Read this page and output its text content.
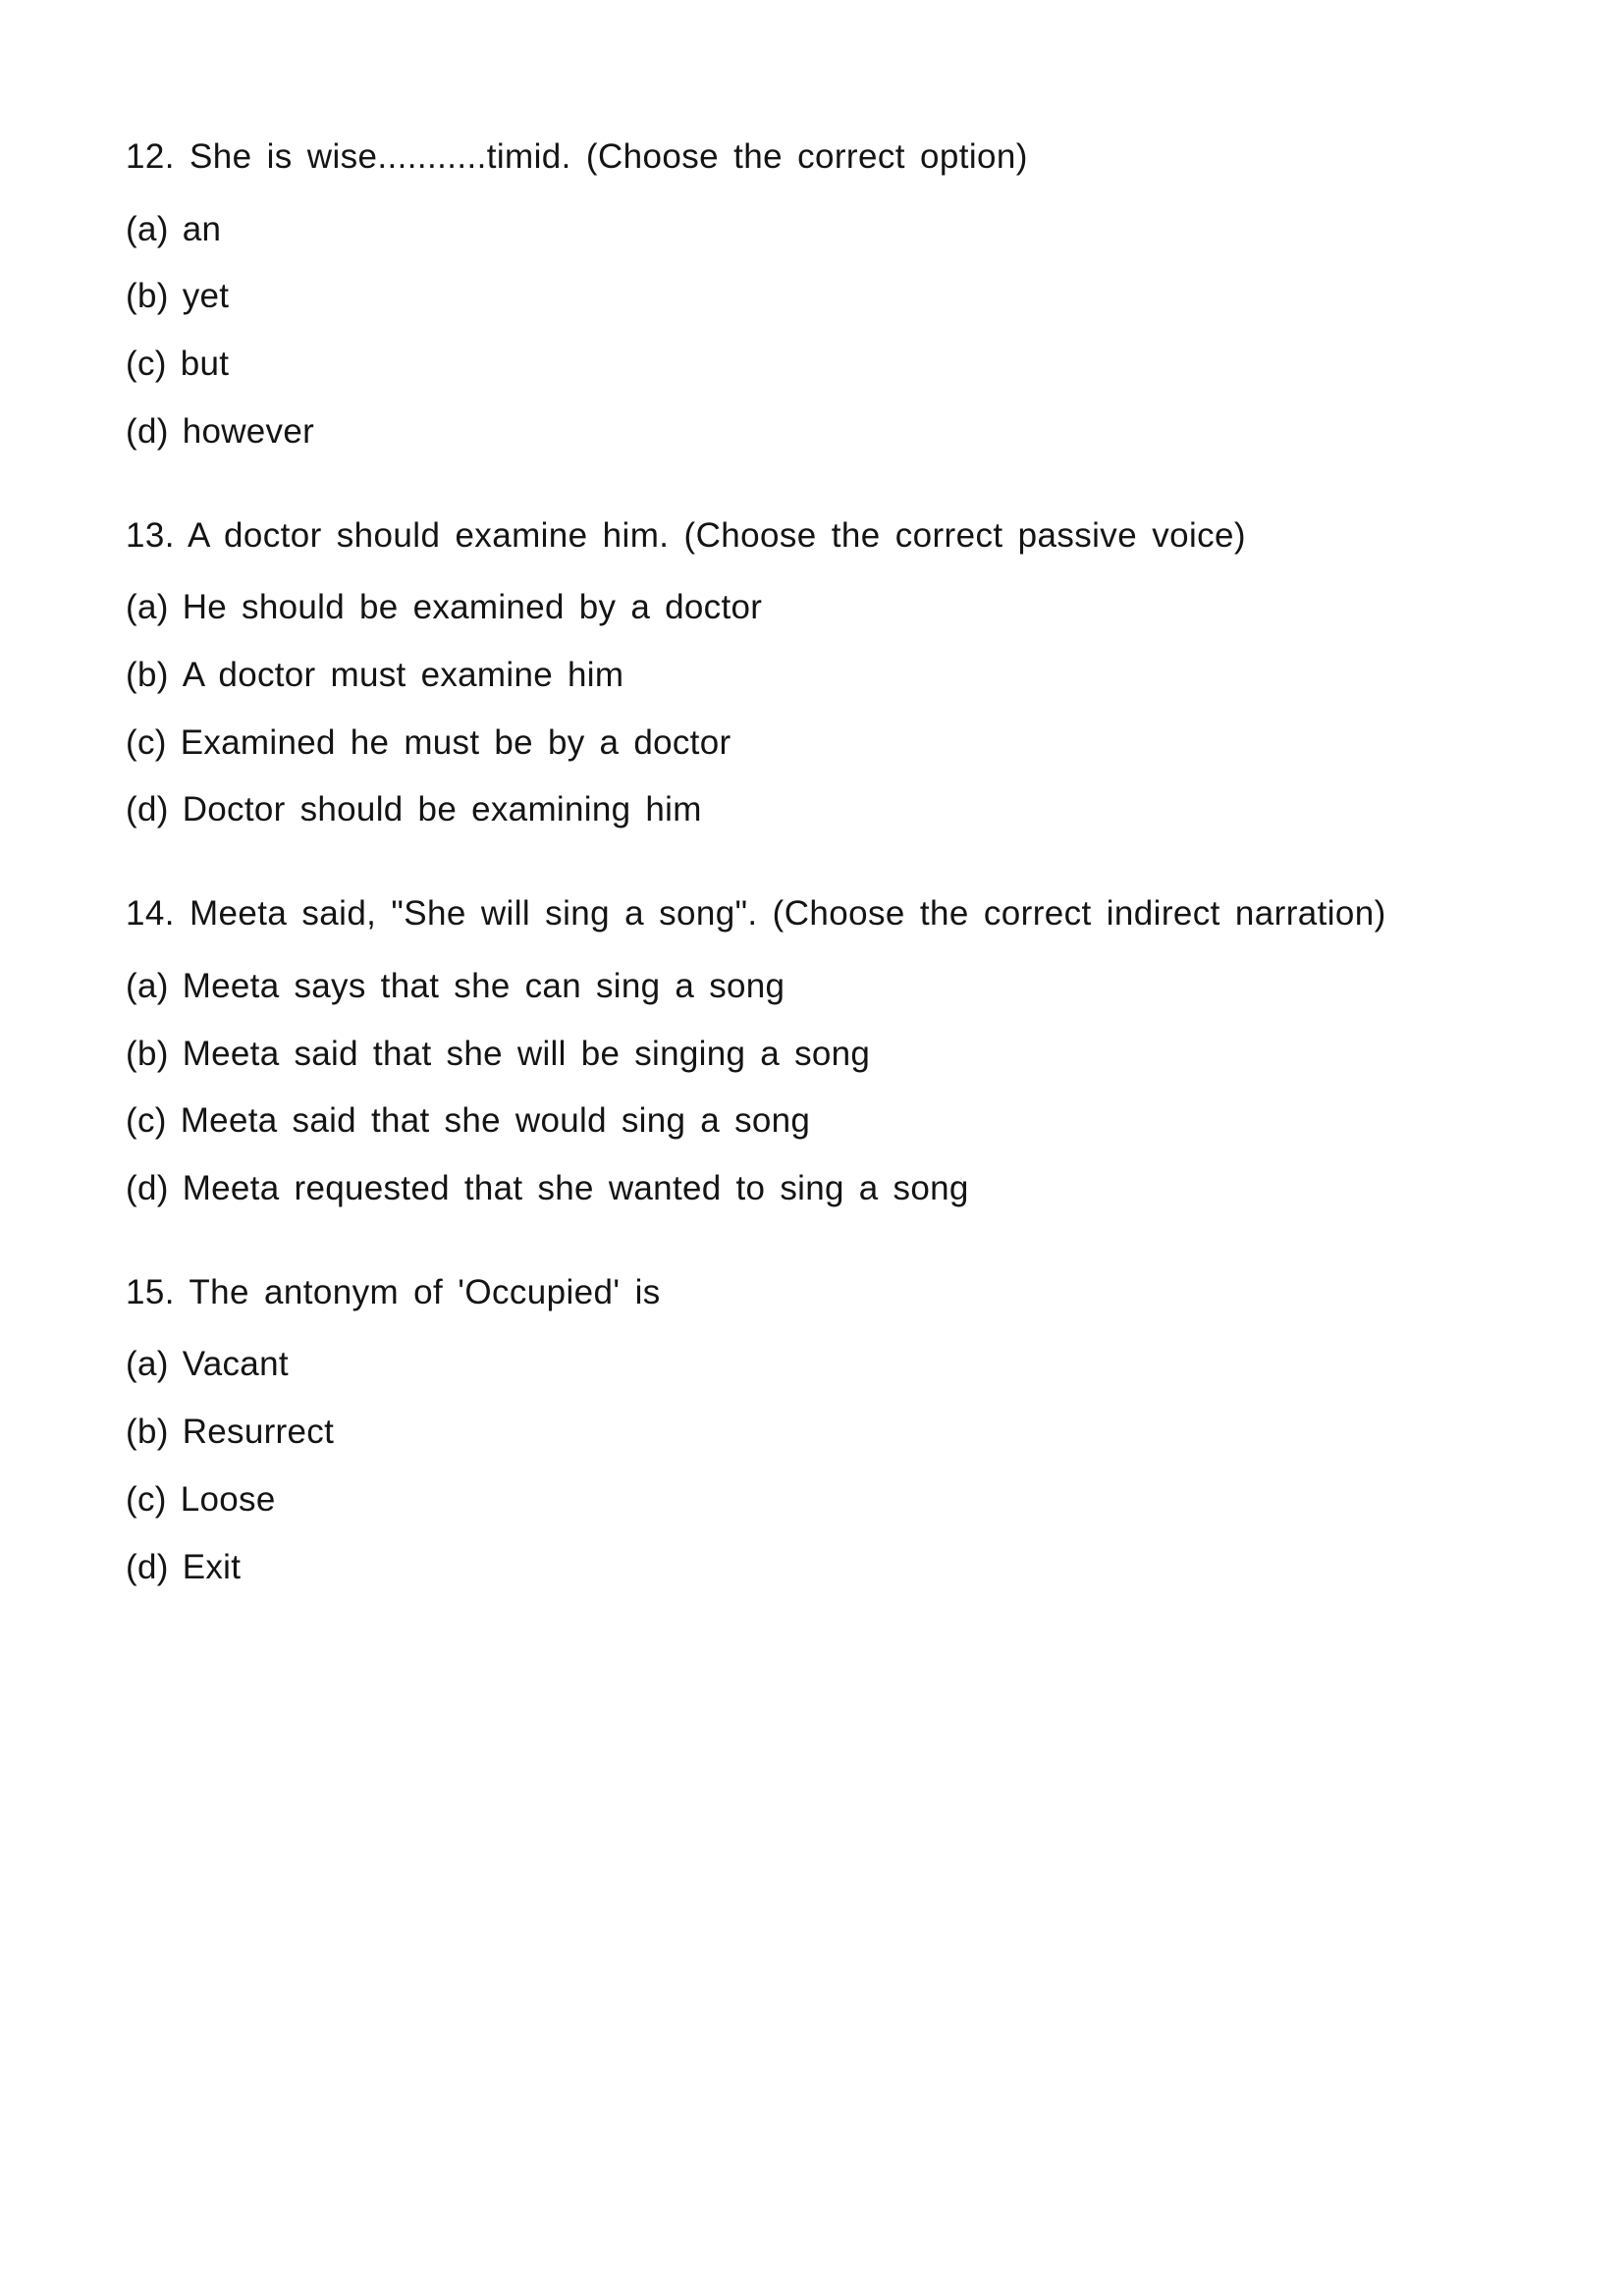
12. She is wise...........timid. (Choose the correct option)

(a) an
(b) yet
(c) but
(d) however

13. A doctor should examine him. (Choose the correct passive voice)

(a) He should be examined by a doctor
(b) A doctor must examine him
(c) Examined he must be by a doctor
(d) Doctor should be examining him

14. Meeta said, "She will sing a song". (Choose the correct indirect narration)

(a) Meeta says that she can sing a song
(b) Meeta said that she will be singing a song
(c) Meeta said that she would sing a song
(d) Meeta requested that she wanted to sing a song

15. The antonym of 'Occupied' is

(a) Vacant
(b) Resurrect
(c) Loose
(d) Exit
